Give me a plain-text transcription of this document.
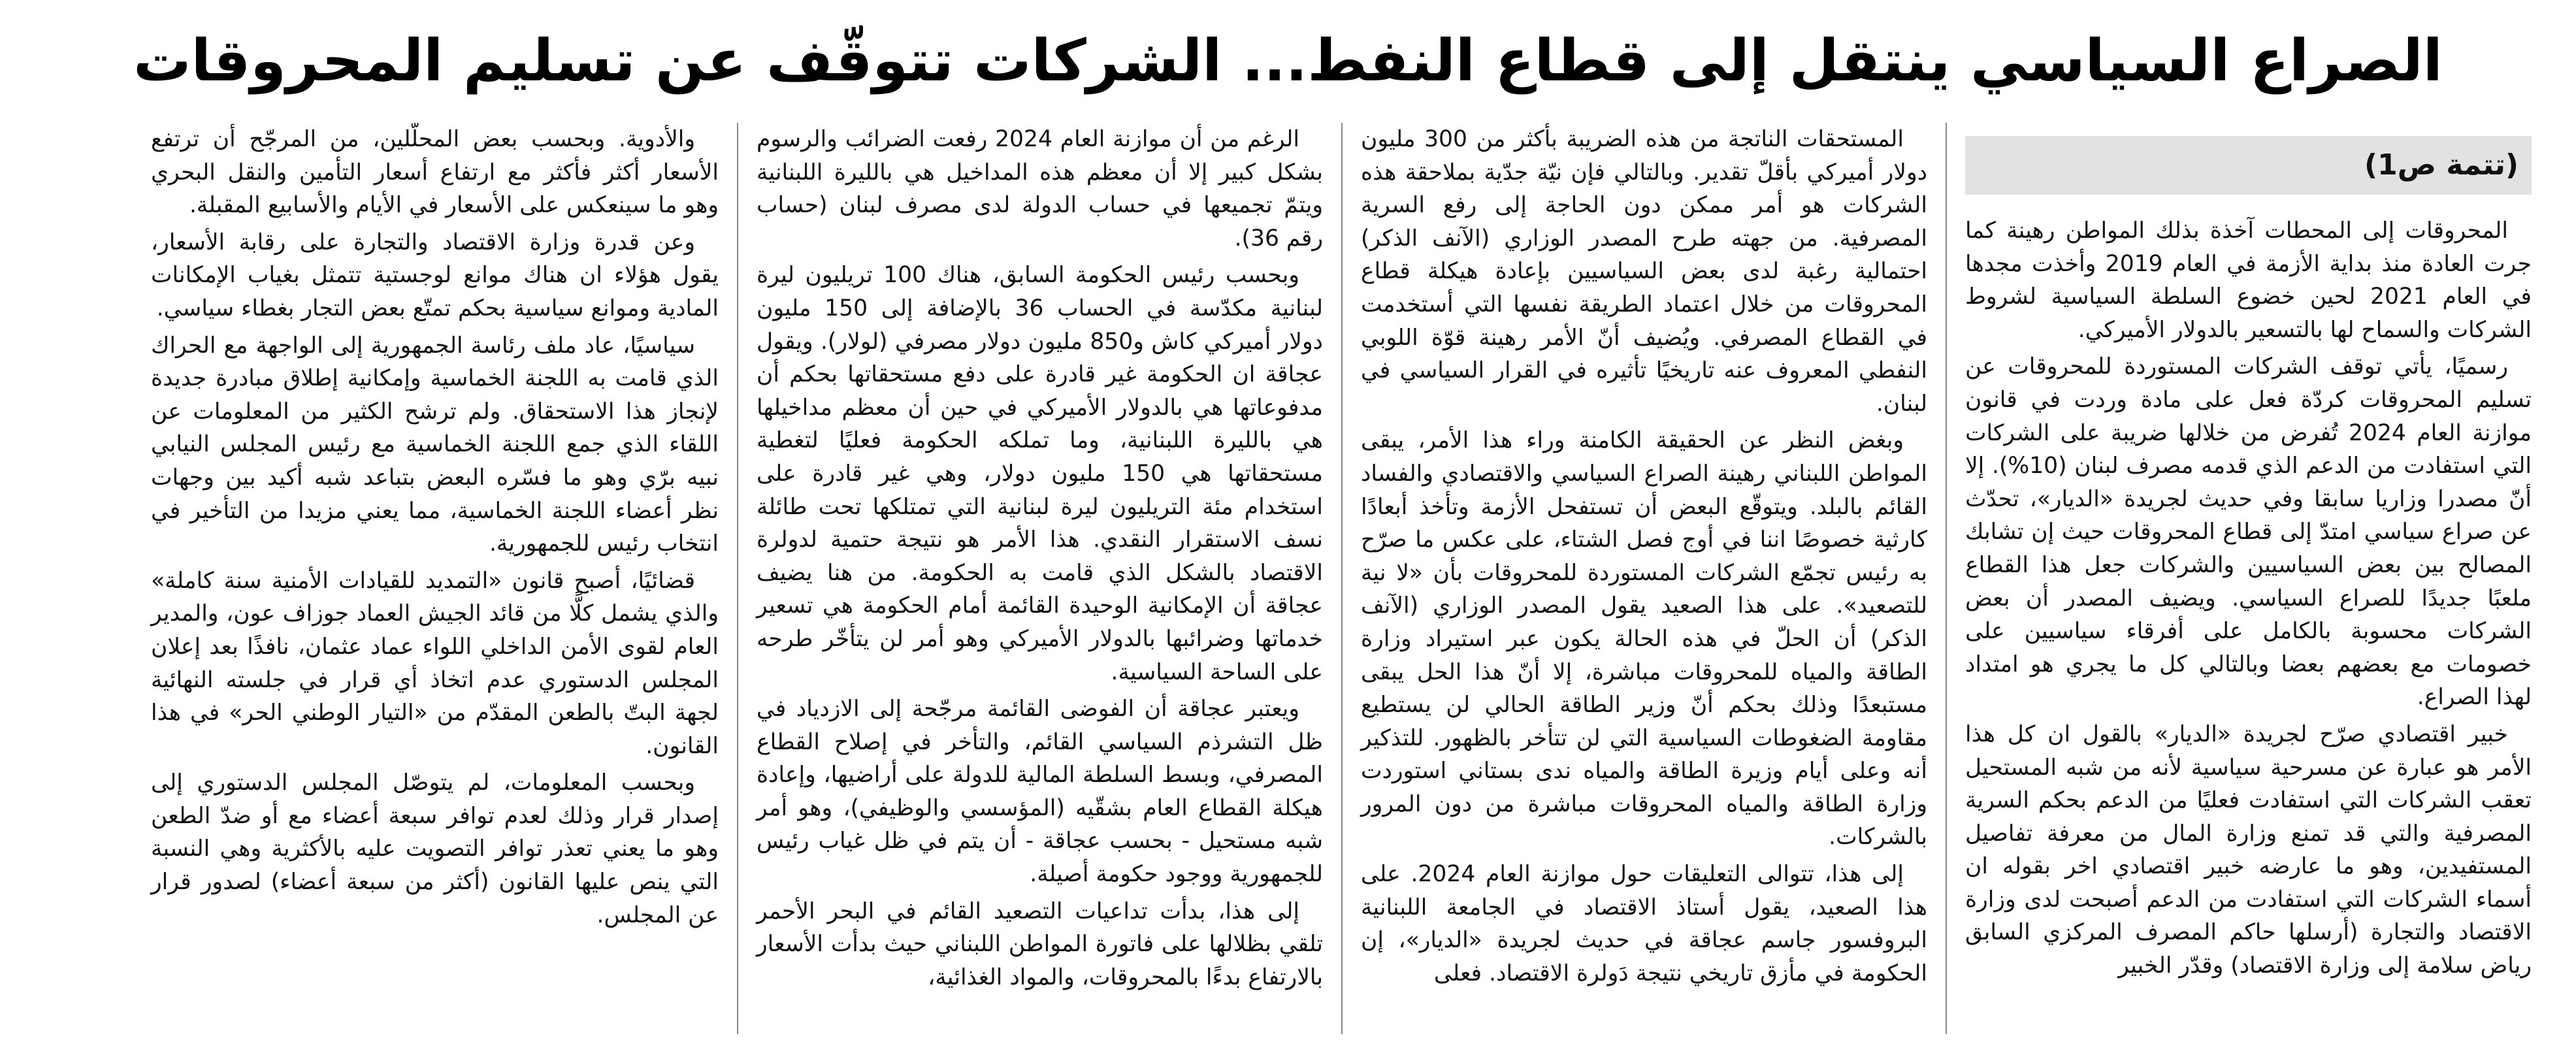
الصراع السياسي ينتقل إلى قطاع النفط... الشركات تتوقّف عن تسليم المحروقات
(تتمة ص1)

المحروقات إلى المحطات آخذة بذلك المواطن رهينة كما جرت العادة منذ بداية الأزمة في العام 2019 وأخذت مجدها في العام 2021 لحين خضوع السلطة السياسية لشروط الشركات والسماح لها بالتسعير بالدولار الأميركي.

رسميًا، يأتي توقف الشركات المستوردة للمحروقات عن تسليم المحروقات كردّة فعل على مادة وردت في قانون موازنة العام 2024 تُفرض من خلالها ضريبة على الشركات التي استفادت من الدعم الذي قدمه مصرف لبنان (10%). إلا أنّ مصدرا وزاريا سابقا وفي حديث لجريدة «الديار»، تحدّث عن صراع سياسي امتدّ إلى قطاع المحروقات حيث إن تشابك المصالح بين بعض السياسيين والشركات جعل هذا القطاع ملعبًا جديدًا للصراع السياسي. ويضيف المصدر أن بعض الشركات محسوبة بالكامل على أفرقاء سياسيين على خصومات مع بعضهم بعضا وبالتالي كل ما يجري هو امتداد لهذا الصراع.

خبير اقتصادي صرّح لجريدة «الديار» بالقول ان كل هذا الأمر هو عبارة عن مسرحية سياسية لأنه من شبه المستحيل تعقب الشركات التي استفادت فعليًا من الدعم بحكم السرية المصرفية والتي قد تمنع وزارة المال من معرفة تفاصيل المستفيدين، وهو ما عارضه خبير اقتصادي اخر بقوله ان أسماء الشركات التي استفادت من الدعم أصبحت لدى وزارة الاقتصاد والتجارة (أرسلها حاكم المصرف المركزي السابق رياض سلامة إلى وزارة الاقتصاد) وقدّر الخبير

المستحقات الناتجة من هذه الضريبة بأكثر من 300 مليون دولار أميركي بأقلّ تقدير. وبالتالي فإن نيّة جدّية بملاحقة هذه الشركات هو أمر ممكن دون الحاجة إلى رفع السرية المصرفية. من جهته طرح المصدر الوزاري (الآنف الذكر) احتمالية رغبة لدى بعض السياسيين بإعادة هيكلة قطاع المحروقات من خلال اعتماد الطريقة نفسها التي أستخدمت في القطاع المصرفي. ويُضيف أنّ الأمر رهينة قوّة اللوبي النفطي المعروف عنه تاريخيًا تأثيره في القرار السياسي في لبنان.

وبغض النظر عن الحقيقة الكامنة وراء هذا الأمر، يبقى المواطن اللبناني رهينة الصراع السياسي والاقتصادي والفساد القائم بالبلد. ويتوقّع البعض أن تستفحل الأزمة وتأخذ أبعادًا كارثية خصوصًا اننا في أوج فصل الشتاء، على عكس ما صرّح به رئيس تجمّع الشركات المستوردة للمحروقات بأن «لا نية للتصعيد». على هذا الصعيد يقول المصدر الوزاري (الآنف الذكر) أن الحلّ في هذه الحالة يكون عبر استيراد وزارة الطاقة والمياه للمحروقات مباشرة، إلا أنّ هذا الحل يبقى مستبعدًا وذلك بحكم أنّ وزير الطاقة الحالي لن يستطيع مقاومة الضغوطات السياسية التي لن تتأخر بالظهور. للتذكير أنه وعلى أيام وزيرة الطاقة والمياه ندى بستاني استوردت وزارة الطاقة والمياه المحروقات مباشرة من دون المرور بالشركات.

إلى هذا، تتوالى التعليقات حول موازنة العام 2024. على هذا الصعيد، يقول أستاذ الاقتصاد في الجامعة اللبنانية البروفسور جاسم عجاقة في حديث لجريدة «الديار»، إن الحكومة في مأزق تاريخي نتيجة دَولرة الاقتصاد. فعلى

الرغم من أن موازنة العام 2024 رفعت الضرائب والرسوم بشكل كبير إلا أن معظم هذه المداخيل هي بالليرة اللبنانية ويتمّ تجميعها في حساب الدولة لدى مصرف لبنان (حساب رقم 36).

وبحسب رئيس الحكومة السابق، هناك 100 تريليون ليرة لبنانية مكدّسة في الحساب 36 بالإضافة إلى 150 مليون دولار أميركي كاش و850 مليون دولار مصرفي (لولار). ويقول عجاقة ان الحكومة غير قادرة على دفع مستحقاتها بحكم أن مدفوعاتها هي بالدولار الأميركي في حين أن معظم مداخيلها هي بالليرة اللبنانية، وما تملكه الحكومة فعليًا لتغطية مستحقاتها هي 150 مليون دولار، وهي غير قادرة على استخدام مئة التريليون ليرة لبنانية التي تمتلكها تحت طائلة نسف الاستقرار النقدي. هذا الأمر هو نتيجة حتمية لدولرة الاقتصاد بالشكل الذي قامت به الحكومة. من هنا يضيف عجاقة أن الإمكانية الوحيدة القائمة أمام الحكومة هي تسعير خدماتها وضرائبها بالدولار الأميركي وهو أمر لن يتأخّر طرحه على الساحة السياسية.

ويعتبر عجاقة أن الفوضى القائمة مرجّحة إلى الازدياد في ظل التشرذم السياسي القائم، والتأخر في إصلاح القطاع المصرفي، وبسط السلطة المالية للدولة على أراضيها، وإعادة هيكلة القطاع العام بشقّيه (المؤسسي والوظيفي)، وهو أمر شبه مستحيل - بحسب عجاقة - أن يتم في ظل غياب رئيس للجمهورية ووجود حكومة أصيلة.

إلى هذا، بدأت تداعيات التصعيد القائم في البحر الأحمر تلقي بظلالها على فاتورة المواطن اللبناني حيث بدأت الأسعار بالارتفاع بدءًا بالمحروقات، والمواد الغذائية،

والأدوية. وبحسب بعض المحلّلين، من المرجّح أن ترتفع الأسعار أكثر فأكثر مع ارتفاع أسعار التأمين والنقل البحري وهو ما سينعكس على الأسعار في الأيام والأسابيع المقبلة.

وعن قدرة وزارة الاقتصاد والتجارة على رقابة الأسعار، يقول هؤلاء ان هناك موانع لوجستية تتمثل بغياب الإمكانات المادية وموانع سياسية بحكم تمتّع بعض التجار بغطاء سياسي.

سياسيًا، عاد ملف رئاسة الجمهورية إلى الواجهة مع الحراك الذي قامت به اللجنة الخماسية وإمكانية إطلاق مبادرة جديدة لإنجاز هذا الاستحقاق. ولم ترشح الكثير من المعلومات عن اللقاء الذي جمع اللجنة الخماسية مع رئيس المجلس النيابي نبيه برّي وهو ما فسّره البعض بتباعد شبه أكيد بين وجهات نظر أعضاء اللجنة الخماسية، مما يعني مزيدا من التأخير في انتخاب رئيس للجمهورية.

قضائيًا، أصبح قانون «التمديد للقيادات الأمنية سنة كاملة» والذي يشمل كلًّا من قائد الجيش العماد جوزاف عون، والمدير العام لقوى الأمن الداخلي اللواء عماد عثمان، نافذًا بعد إعلان المجلس الدستوري عدم اتخاذ أي قرار في جلسته النهائية لجهة البتّ بالطعن المقدّم من «التيار الوطني الحر» في هذا القانون.

وبحسب المعلومات، لم يتوصّل المجلس الدستوري إلى إصدار قرار وذلك لعدم توافر سبعة أعضاء مع أو ضدّ الطعن وهو ما يعني تعذر توافر التصويت عليه بالأكثرية وهي النسبة التي ينص عليها القانون (أكثر من سبعة أعضاء) لصدور قرار عن المجلس.
